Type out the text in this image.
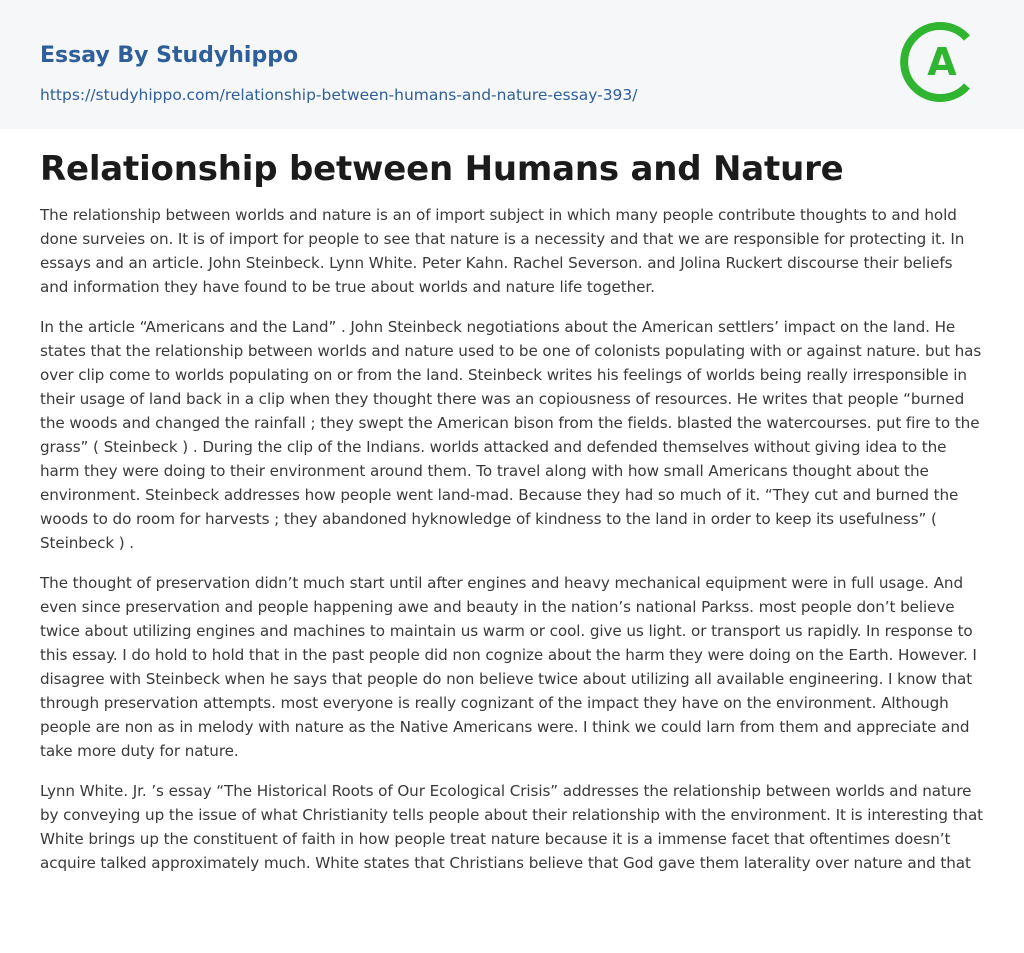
Essay By Studyhippo
https://studyhippo.com/relationship-between-humans-and-nature-essay-393/
A
Relationship between Humans and Nature

The relationship between worlds and nature is an of import subject in which many people contribute thoughts to and hold done surveies on. It is of import for people to see that nature is a necessity and that we are responsible for protecting it. In essays and an article. John Steinbeck. Lynn White. Peter Kahn. Rachel Severson. and Jolina Ruckert discourse their beliefs and information they have found to be true about worlds and nature life together.

In the article “Americans and the Land” . John Steinbeck negotiations about the American settlers’ impact on the land. He states that the relationship between worlds and nature used to be one of colonists populating with or against nature. but has over clip come to worlds populating on or from the land. Steinbeck writes his feelings of worlds being really irresponsible in their usage of land back in a clip when they thought there was an copiousness of resources. He writes that people “burned the woods and changed the rainfall ; they swept the American bison from the fields. blasted the watercourses. put fire to the grass” ( Steinbeck ) . During the clip of the Indians. worlds attacked and defended themselves without giving idea to the harm they were doing to their environment around them. To travel along with how small Americans thought about the environment. Steinbeck addresses how people went land-mad. Because they had so much of it. “They cut and burned the woods to do room for harvests ; they abandoned hyknowledge of kindness to the land in order to keep its usefulness” ( Steinbeck ) .

The thought of preservation didn’t much start until after engines and heavy mechanical equipment were in full usage. And even since preservation and people happening awe and beauty in the nation’s national Parkss. most people don’t believe twice about utilizing engines and machines to maintain us warm or cool. give us light. or transport us rapidly. In response to this essay. I do hold to hold that in the past people did non cognize about the harm they were doing on the Earth. However. I disagree with Steinbeck when he says that people do non believe twice about utilizing all available engineering. I know that through preservation attempts. most everyone is really cognizant of the impact they have on the environment. Although people are non as in melody with nature as the Native Americans were. I think we could larn from them and appreciate and take more duty for nature.

Lynn White. Jr. ’s essay “The Historical Roots of Our Ecological Crisis” addresses the relationship between worlds and nature by conveying up the issue of what Christianity tells people about their relationship with the environment. It is interesting that White brings up the constituent of faith in how people treat nature because it is a immense facet that oftentimes doesn’t acquire talked approximately much. White states that Christians believe that God gave them laterality over nature and that
